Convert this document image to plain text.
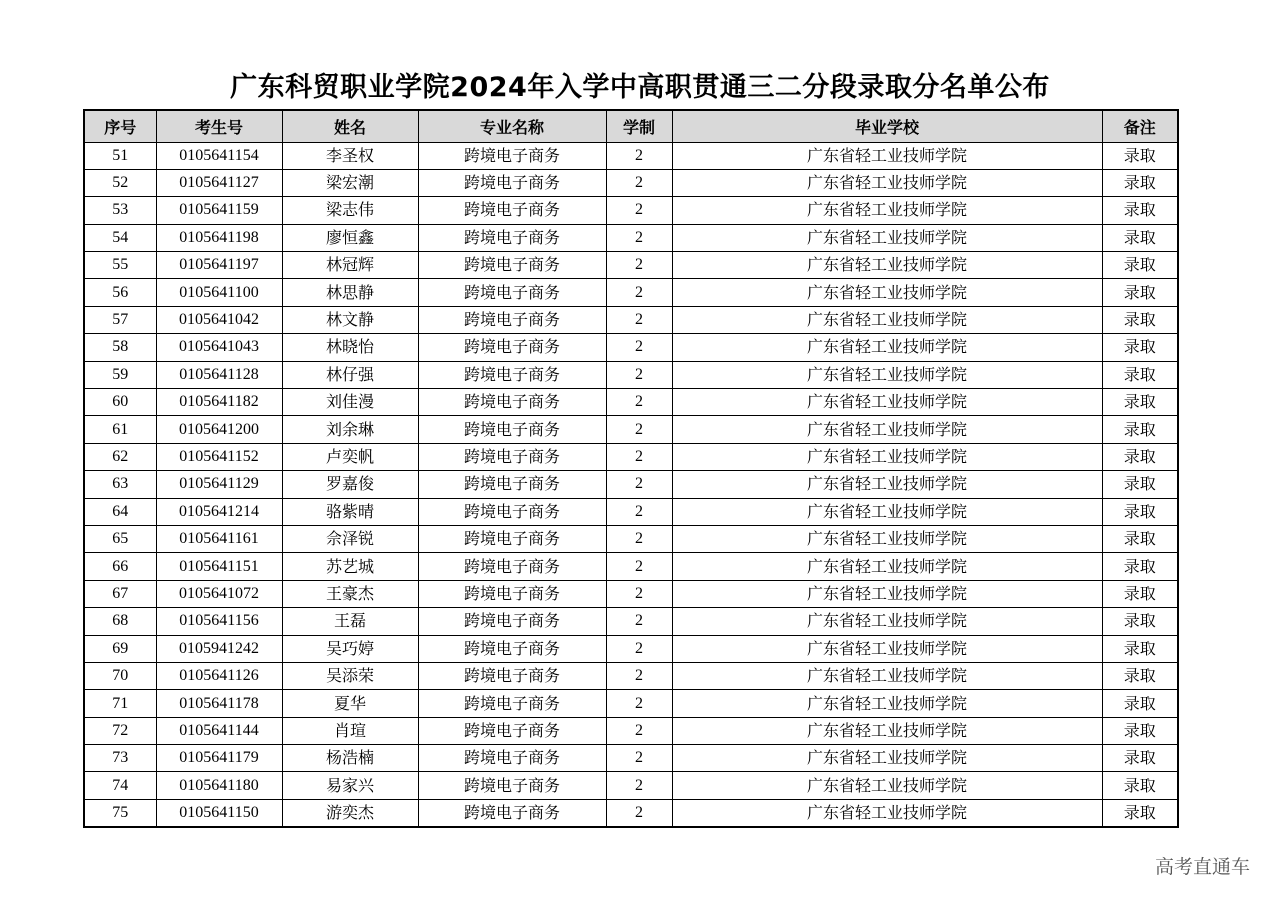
广东科贸职业学院2024年入学中高职贯通三二分段录取分名单公布
序号	考生号	姓名	专业名称	学制	毕业学校	备注
51	0105641154	李圣权	跨境电子商务	2	广东省轻工业技师学院	录取
52	0105641127	梁宏潮	跨境电子商务	2	广东省轻工业技师学院	录取
53	0105641159	梁志伟	跨境电子商务	2	广东省轻工业技师学院	录取
54	0105641198	廖恒鑫	跨境电子商务	2	广东省轻工业技师学院	录取
55	0105641197	林冠辉	跨境电子商务	2	广东省轻工业技师学院	录取
56	0105641100	林思静	跨境电子商务	2	广东省轻工业技师学院	录取
57	0105641042	林文静	跨境电子商务	2	广东省轻工业技师学院	录取
58	0105641043	林晓怡	跨境电子商务	2	广东省轻工业技师学院	录取
59	0105641128	林仔强	跨境电子商务	2	广东省轻工业技师学院	录取
60	0105641182	刘佳漫	跨境电子商务	2	广东省轻工业技师学院	录取
61	0105641200	刘余琳	跨境电子商务	2	广东省轻工业技师学院	录取
62	0105641152	卢奕帆	跨境电子商务	2	广东省轻工业技师学院	录取
63	0105641129	罗嘉俊	跨境电子商务	2	广东省轻工业技师学院	录取
64	0105641214	骆紫晴	跨境电子商务	2	广东省轻工业技师学院	录取
65	0105641161	佘泽锐	跨境电子商务	2	广东省轻工业技师学院	录取
66	0105641151	苏艺城	跨境电子商务	2	广东省轻工业技师学院	录取
67	0105641072	王豪杰	跨境电子商务	2	广东省轻工业技师学院	录取
68	0105641156	王磊	跨境电子商务	2	广东省轻工业技师学院	录取
69	0105941242	吴巧婷	跨境电子商务	2	广东省轻工业技师学院	录取
70	0105641126	吴添荣	跨境电子商务	2	广东省轻工业技师学院	录取
71	0105641178	夏华	跨境电子商务	2	广东省轻工业技师学院	录取
72	0105641144	肖瑄	跨境电子商务	2	广东省轻工业技师学院	录取
73	0105641179	杨浩楠	跨境电子商务	2	广东省轻工业技师学院	录取
74	0105641180	易家兴	跨境电子商务	2	广东省轻工业技师学院	录取
75	0105641150	游奕杰	跨境电子商务	2	广东省轻工业技师学院	录取
高考直通车
